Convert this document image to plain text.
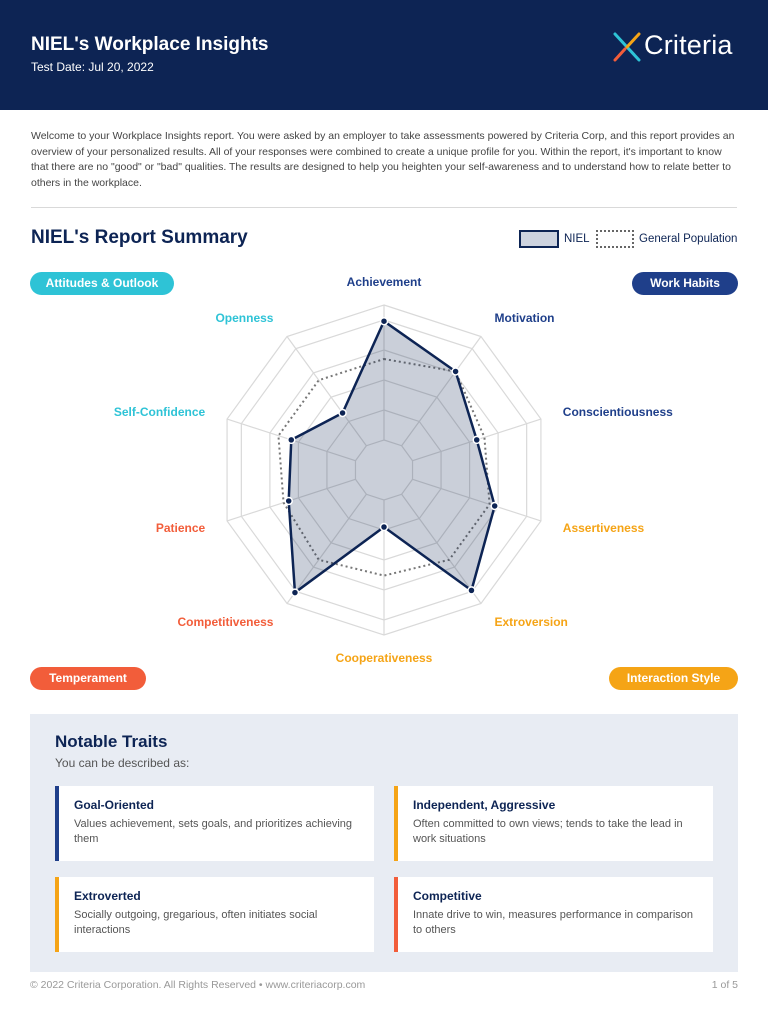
NIEL's Workplace Insights
Test Date: Jul 20, 2022
Criteria
Welcome to your Workplace Insights report. You were asked by an employer to take assessments powered by Criteria Corp, and this report provides an overview of your personalized results. All of your responses were combined to create a unique profile for you. Within the report, it's important to know that there are no "good" or "bad" qualities. The results are designed to help you heighten your self-awareness and to understand how to relate better to others in the workplace.
NIEL's Report Summary	NIEL	General Population
Attitudes & Outlook	Work Habits
Temperament	Interaction Style
Achievement
Motivation
Conscientiousness
Assertiveness
Extroversion
Cooperativeness
Competitiveness
Patience
Self-Confidence
Openness
Notable Traits
You can be described as:
Goal-Oriented
Values achievement, sets goals, and prioritizes achieving them
Independent, Aggressive
Often committed to own views; tends to take the lead in work situations
Extroverted
Socially outgoing, gregarious, often initiates social interactions
Competitive
Innate drive to win, measures performance in comparison to others
© 2022 Criteria Corporation. All Rights Reserved • www.criteriacorp.com	1 of 5
